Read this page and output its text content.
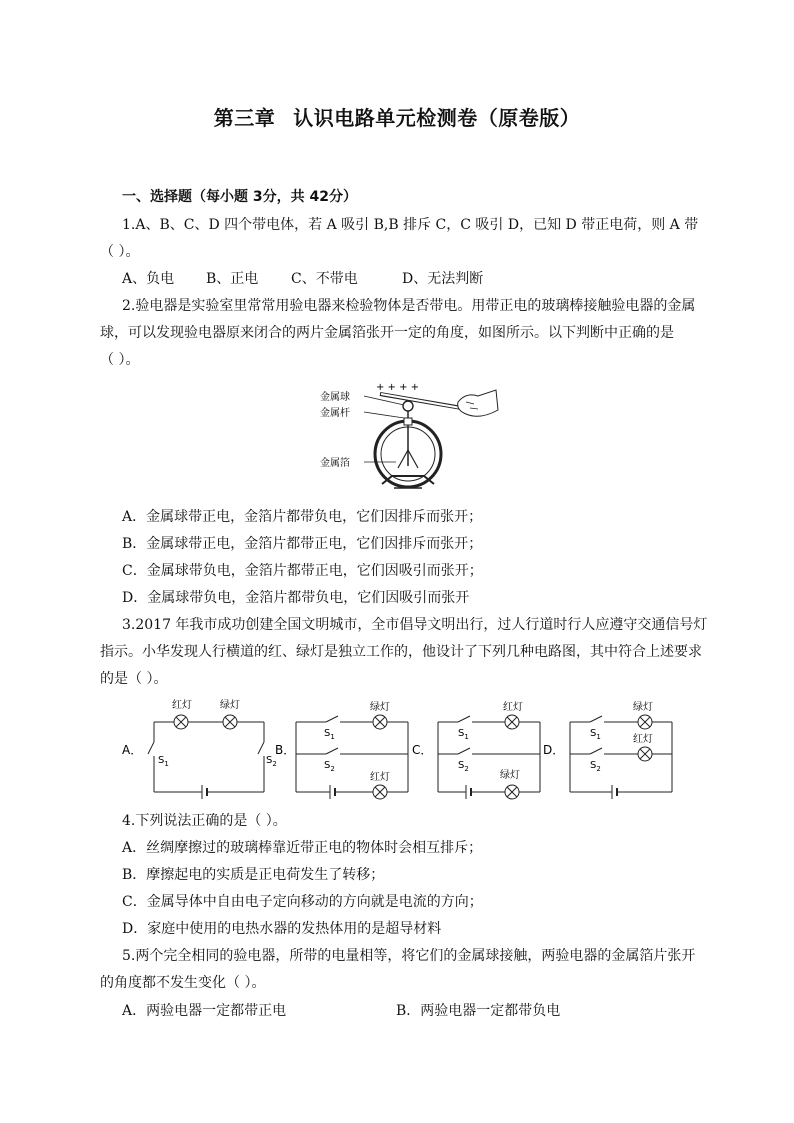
第三章 认识电路单元检测卷（原卷版）
一、选择题（每小题 3分，共 42分）
1.A、B、C、D 四个带电体，若 A 吸引 B,B 排斥 C，C 吸引 D，已知 D 带正电荷，则 A 带
（ ）。
A、负电 B、正电 C、不带电	D、无法判断
2.验电器是实验室里常常用验电器来检验物体是否带电。用带正电的玻璃棒接触验电器的金属
球，可以发现验电器原来闭合的两片金属箔张开一定的角度，如图所示。以下判断中正确的是
（ ）。
金属球
金属杆
金属箔
+ + + +
A．金属球带正电，金箔片都带负电，它们因排斥而张开；
B．金属球带正电，金箔片都带正电，它们因排斥而张开；
C．金属球带负电，金箔片都带正电，它们因吸引而张开；
D．金属球带负电，金箔片都带负电，它们因吸引而张开
3.2017 年我市成功创建全国文明城市，全市倡导文明出行，过人行道时行人应遵守交通信号灯
指示。小华发现人行横道的红、绿灯是独立工作的，他设计了下列几种电路图，其中符合上述要求
的是（ ）。
A．
红灯	绿灯
$S_1$	$S_2$
B．
绿灯
$S_1$
$S_2$
红灯
C．
红灯
$S_1$
$S_2$
绿灯
D．
绿灯
$S_1$	红灯
$S_2$
4.下列说法正确的是（ ）。
A．丝绸摩擦过的玻璃棒靠近带正电的物体时会相互排斥；
B．摩擦起电的实质是正电荷发生了转移；
C．金属导体中自由电子定向移动的方向就是电流的方向；
D．家庭中使用的电热水器的发热体用的是超导材料
5.两个完全相同的验电器，所带的电量相等，将它们的金属球接触，两验电器的金属箔片张开
的角度都不发生变化（ ）。
A．两验电器一定都带正电	B．两验电器一定都带负电
